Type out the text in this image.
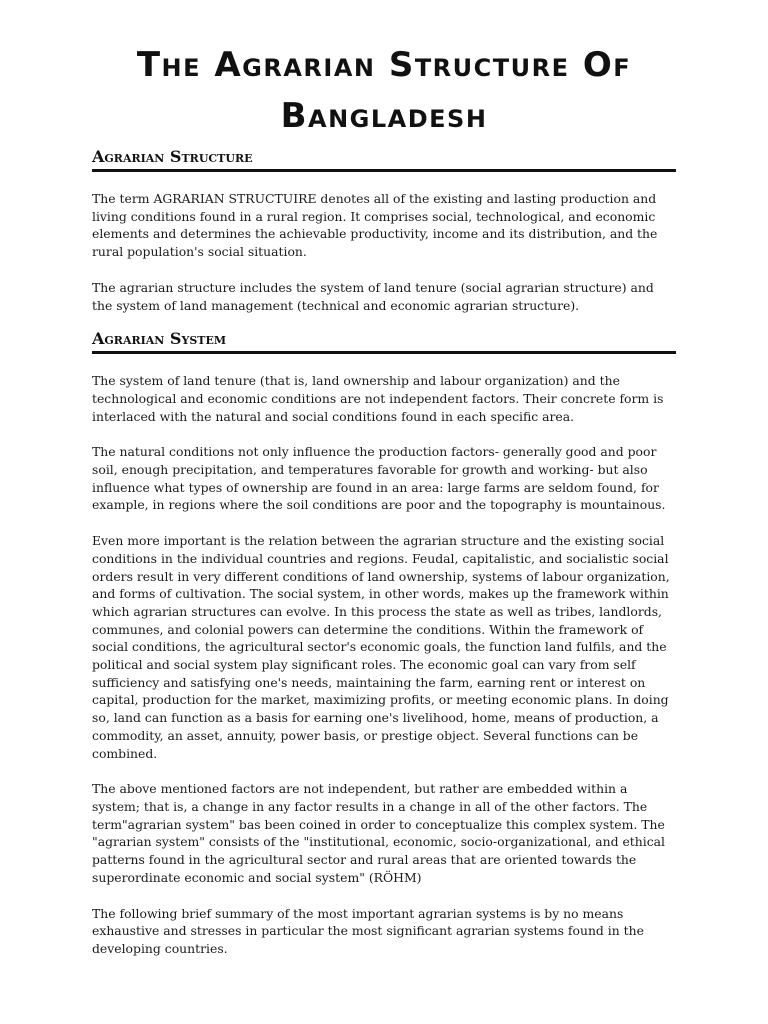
The Agrarian Structure Of
Bangladesh
Agrarian Structure

The term AGRARIAN STRUCTUIRE denotes all of the existing and lasting production and living conditions found in a rural region. It comprises social, technological, and economic elements and determines the achievable productivity, income and its distribution, and the rural population's social situation.

The agrarian structure includes the system of land tenure (social agrarian structure) and the system of land management (technical and economic agrarian structure).

Agrarian System

The system of land tenure (that is, land ownership and labour organization) and the technological and economic conditions are not independent factors. Their concrete form is interlaced with the natural and social conditions found in each specific area.

The natural conditions not only influence the production factors- generally good and poor soil, enough precipitation, and temperatures favorable for growth and working- but also influence what types of ownership are found in an area: large farms are seldom found, for example, in regions where the soil conditions are poor and the topography is mountainous.

Even more important is the relation between the agrarian structure and the existing social conditions in the individual countries and regions. Feudal, capitalistic, and socialistic social orders result in very different conditions of land ownership, systems of labour organization, and forms of cultivation. The social system, in other words, makes up the framework within which agrarian structures can evolve. In this process the state as well as tribes, landlords, communes, and colonial powers can determine the conditions. Within the framework of social conditions, the agricultural sector's economic goals, the function land fulfils, and the political and social system play significant roles. The economic goal can vary from self sufficiency and satisfying one's needs, maintaining the farm, earning rent or interest on capital, production for the market, maximizing profits, or meeting economic plans. In doing so, land can function as a basis for earning one's livelihood, home, means of production, a commodity, an asset, annuity, power basis, or prestige object. Several functions can be combined.

The above mentioned factors are not independent, but rather are embedded within a system; that is, a change in any factor results in a change in all of the other factors. The term"agrarian system" bas been coined in order to conceptualize this complex system. The "agrarian system" consists of the "institutional, economic, socio-organizational, and ethical patterns found in the agricultural sector and rural areas that are oriented towards the superordinate economic and social system" (RÖHM)

The following brief summary of the most important agrarian systems is by no means exhaustive and stresses in particular the most significant agrarian systems found in the developing countries.
